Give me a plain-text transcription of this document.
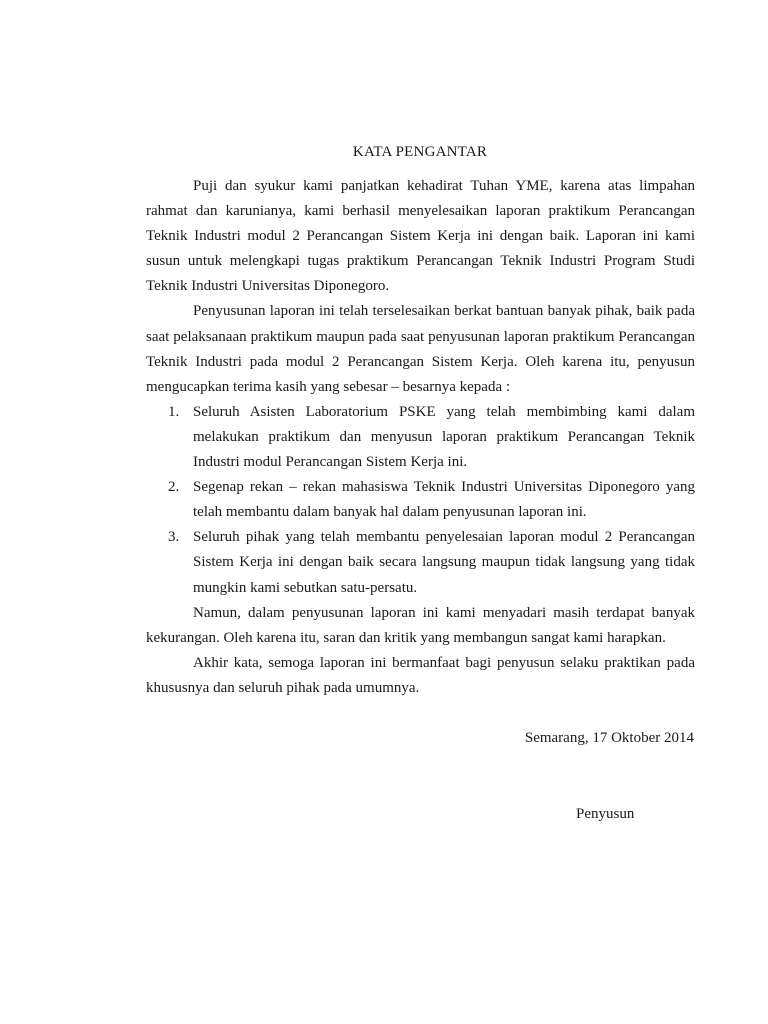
KATA PENGANTAR

Puji dan syukur kami panjatkan kehadirat Tuhan YME, karena atas limpahan rahmat dan karunianya, kami berhasil menyelesaikan laporan praktikum Perancangan Teknik Industri modul 2 Perancangan Sistem Kerja ini dengan baik. Laporan ini kami susun untuk melengkapi tugas praktikum Perancangan Teknik Industri Program Studi Teknik Industri Universitas Diponegoro.

Penyusunan laporan ini telah terselesaikan berkat bantuan banyak pihak, baik pada saat pelaksanaan praktikum maupun pada saat penyusunan laporan praktikum Perancangan Teknik Industri pada modul 2 Perancangan Sistem Kerja. Oleh karena itu, penyusun mengucapkan terima kasih yang sebesar – besarnya kepada :

1. Seluruh Asisten Laboratorium PSKE yang telah membimbing kami dalam melakukan praktikum dan menyusun laporan praktikum Perancangan Teknik Industri modul Perancangan Sistem Kerja ini.
2. Segenap rekan – rekan mahasiswa Teknik Industri Universitas Diponegoro yang telah membantu dalam banyak hal dalam penyusunan laporan ini.
3. Seluruh pihak yang telah membantu penyelesaian laporan modul 2 Perancangan Sistem Kerja ini dengan baik secara langsung maupun tidak langsung yang tidak mungkin kami sebutkan satu-persatu.

Namun, dalam penyusunan laporan ini kami menyadari masih terdapat banyak kekurangan. Oleh karena itu, saran dan kritik yang membangun sangat kami harapkan.

Akhir kata, semoga laporan ini bermanfaat bagi penyusun selaku praktikan pada khususnya dan seluruh pihak pada umumnya.

Semarang, 17 Oktober 2014
Penyusun
